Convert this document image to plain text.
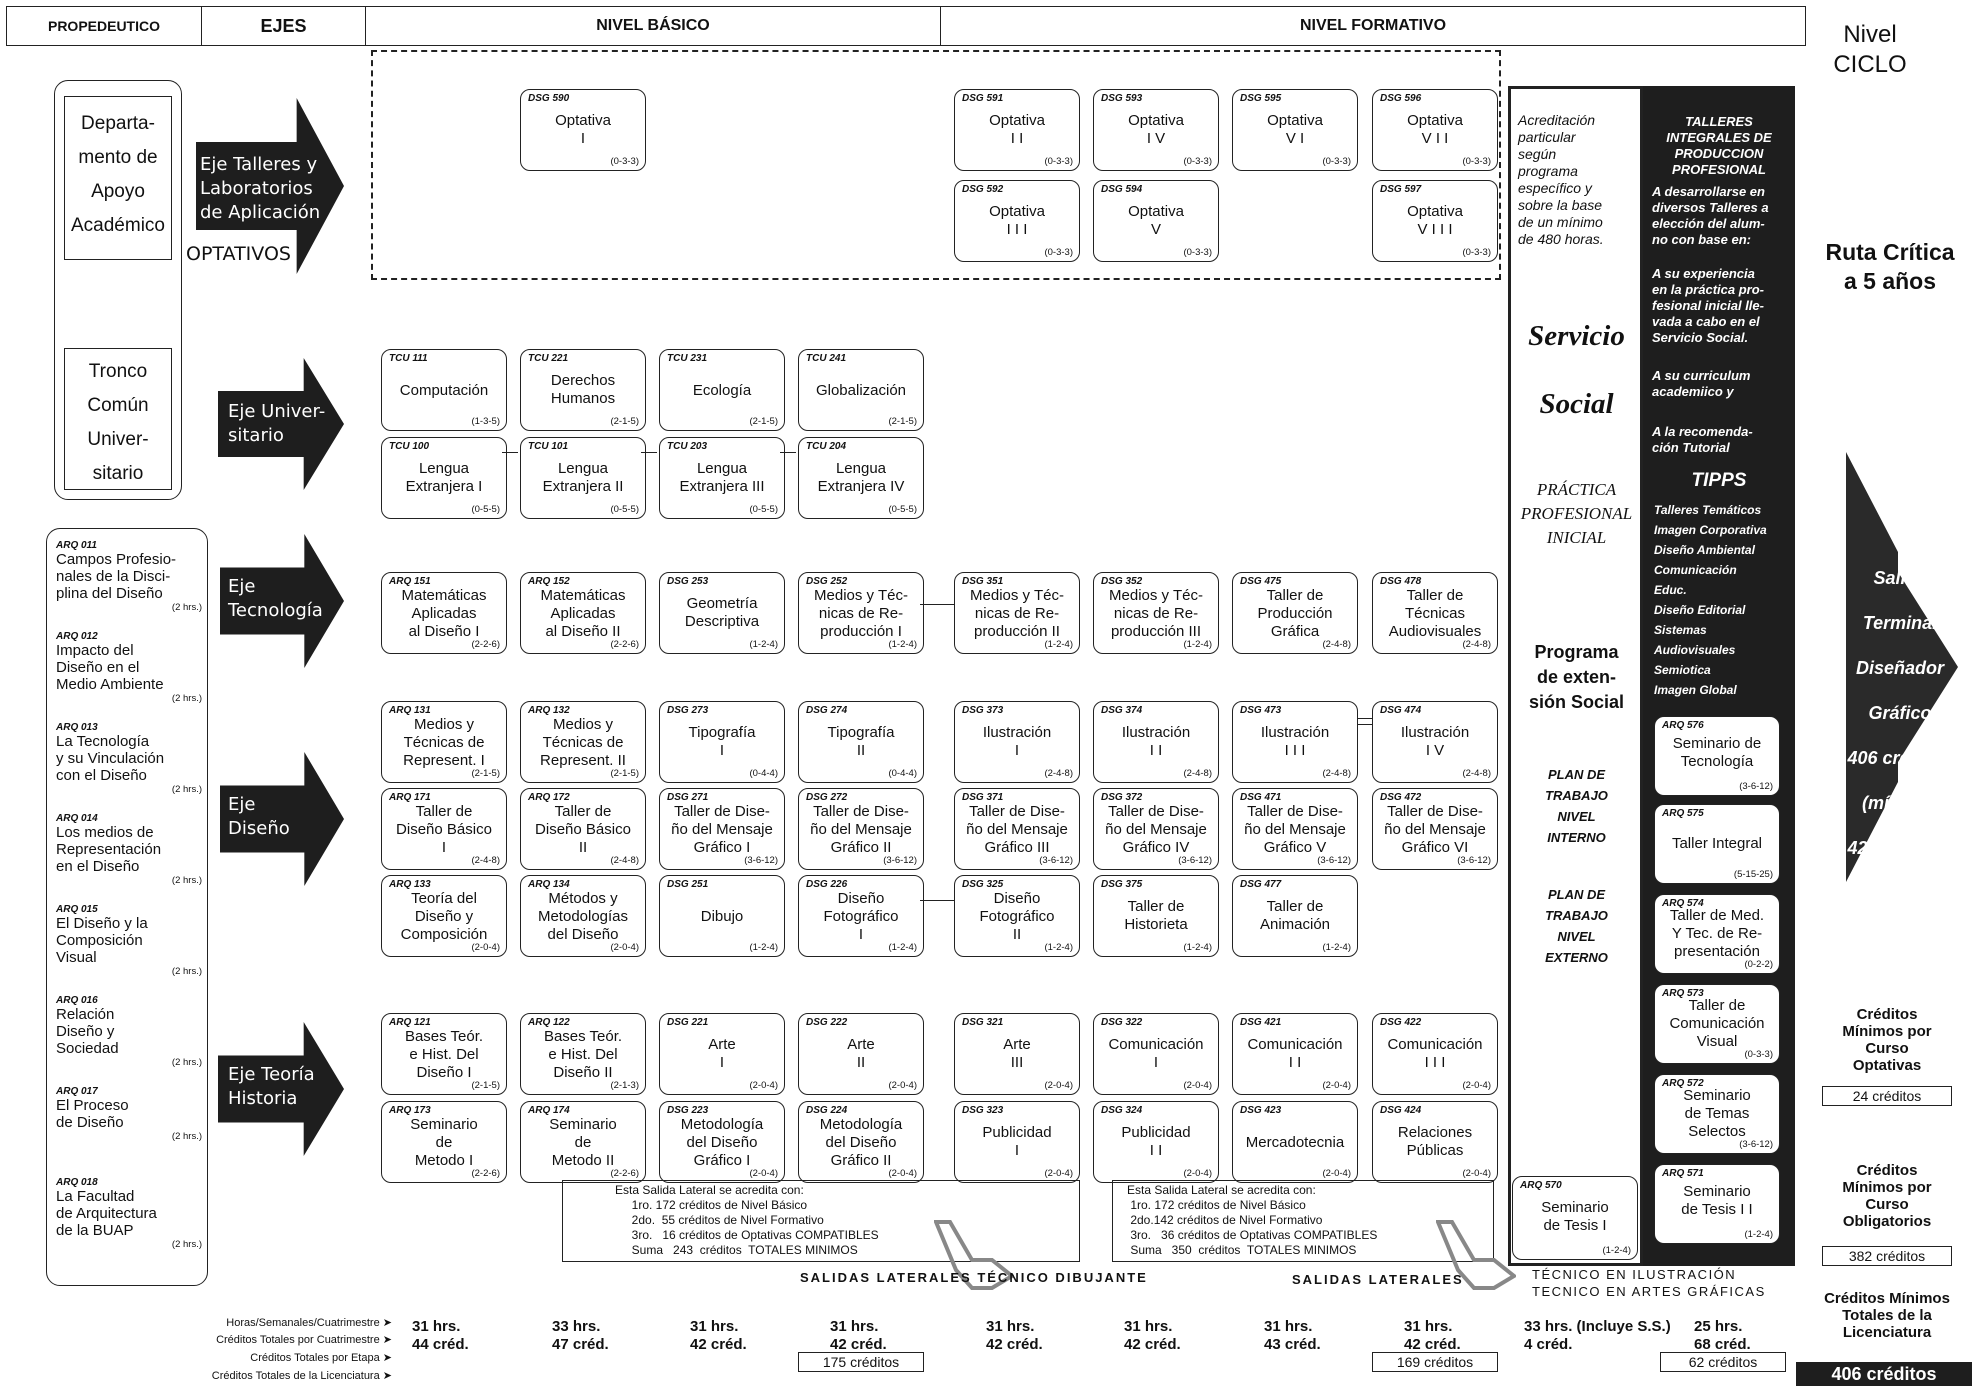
PROPEDEUTICO	EJES	NIVEL BÁSICO	NIVEL FORMATIVO	Nivel
CICLO
Departa-
mento de
Apoyo
Académico
Tronco
Común
Univer-
sitario
ARQ 011
Campos Profesio-
nales de la Disci-
plina del Diseño
(2 hrs.)
ARQ 012
Impacto del
Diseño en el
Medio Ambiente
(2 hrs.)
ARQ 013
La Tecnología
y su Vinculación
con el Diseño
(2 hrs.)
ARQ 014
Los medios de
Representación
en el Diseño
(2 hrs.)
ARQ 015
El Diseño y la
Composición
Visual
(2 hrs.)
ARQ 016
Relación
Diseño y
Sociedad
(2 hrs.)
ARQ 017
El Proceso
de Diseño
(2 hrs.)
ARQ 018
La Facultad
de Arquitectura
de la BUAP
(2 hrs.)
Eje Talleres y
Laboratorios
de Aplicación
OPTATIVOS
Eje Univer-
sitario
Eje
Tecnología
Eje
Diseño
Eje Teoría
Historia
DSG 590
Optativa
I
(0-3-3)
DSG 591
Optativa
I I
(0-3-3)
DSG 593
Optativa
I V
(0-3-3)
DSG 595
Optativa
V I
(0-3-3)
DSG 596
Optativa
V I I
(0-3-3)
DSG 592
Optativa
I I I
(0-3-3)
DSG 594
Optativa
V
(0-3-3)
DSG 597
Optativa
V I I I
(0-3-3)
TCU 111
Computación
(1-3-5)
TCU 221
Derechos
Humanos
(2-1-5)
TCU 231
Ecología
(2-1-5)
TCU 241
Globalización
(2-1-5)
TCU 100
Lengua
Extranjera I
(0-5-5)
TCU 101
Lengua
Extranjera II
(0-5-5)
TCU 203
Lengua
Extranjera III
(0-5-5)
TCU 204
Lengua
Extranjera IV
(0-5-5)
ARQ 151
Matemáticas
Aplicadas
al Diseño I
(2-2-6)
ARQ 152
Matemáticas
Aplicadas
al Diseño II
(2-2-6)
DSG 253
Geometría
Descriptiva
(1-2-4)
DSG 252
Medios y Téc-
nicas de Re-
producción I
(1-2-4)
DSG 351
Medios y Téc-
nicas de Re-
producción II
(1-2-4)
DSG 352
Medios y Téc-
nicas de Re-
producción III
(1-2-4)
DSG 475
Taller de
Producción
Gráfica
(2-4-8)
DSG 478
Taller de
Técnicas
Audiovisuales
(2-4-8)
ARQ 131
Medios y
Técnicas de
Represent. I
(2-1-5)
ARQ 132
Medios y
Técnicas de
Represent. II
(2-1-5)
DSG 273
Tipografía
I
(0-4-4)
DSG 274
Tipografía
II
(0-4-4)
DSG 373
Ilustración
I
(2-4-8)
DSG 374
Ilustración
I I
(2-4-8)
DSG 473
Ilustración
I I I
(2-4-8)
DSG 474
Ilustración
I V
(2-4-8)
ARQ 171
Taller de
Diseño Básico
I
(2-4-8)
ARQ 172
Taller de
Diseño Básico
II
(2-4-8)
DSG 271
Taller de Dise-
ño del Mensaje
Gráfico I
(3-6-12)
DSG 272
Taller de Dise-
ño del Mensaje
Gráfico II
(3-6-12)
DSG 371
Taller de Dise-
ño del Mensaje
Gráfico III
(3-6-12)
DSG 372
Taller de Dise-
ño del Mensaje
Gráfico IV
(3-6-12)
DSG 471
Taller de Dise-
ño del Mensaje
Gráfico V
(3-6-12)
DSG 472
Taller de Dise-
ño del Mensaje
Gráfico VI
(3-6-12)
ARQ 133
Teoría del
Diseño y
Composición
(2-0-4)
ARQ 134
Métodos y
Metodologías
del Diseño
(2-0-4)
DSG 251
Dibujo
(1-2-4)
DSG 226
Diseño
Fotográfico
I
(1-2-4)
DSG 325
Diseño
Fotográfico
II
(1-2-4)
DSG 375
Taller de
Historieta
(1-2-4)
DSG 477
Taller de
Animación
(1-2-4)
ARQ 121
Bases Teór.
e Hist. Del
Diseño I
(2-1-5)
ARQ 122
Bases Teór.
e Hist. Del
Diseño II
(2-1-3)
DSG 221
Arte
I
(2-0-4)
DSG 222
Arte
II
(2-0-4)
DSG 321
Arte
III
(2-0-4)
DSG 322
Comunicación
I
(2-0-4)
DSG 421
Comunicación
I I
(2-0-4)
DSG 422
Comunicación
I I I
(2-0-4)
ARQ 173
Seminario
de
Metodo I
(2-2-6)
ARQ 174
Seminario
de
Metodo II
(2-2-6)
DSG 223
Metodología
del Diseño
Gráfico I
(2-0-4)
DSG 224
Metodología
del Diseño
Gráfico II
(2-0-4)
DSG 323
Publicidad
I
(2-0-4)
DSG 324
Publicidad
I I
(2-0-4)
DSG 423
Mercadotecnia
(2-0-4)
DSG 424
Relaciones
Públicas
(2-0-4)
Acreditación
particular
según
programa
específico y
sobre la base
de un mínimo
de 480 horas.
Servicio
Social
PRÁCTICA
PROFESIONAL
INICIAL
Programa
de exten-
sión Social
PLAN DE
TRABAJO
NIVEL
INTERNO
PLAN DE
TRABAJO
NIVEL
EXTERNO
ARQ 570
Seminario
de Tesis I
(1-2-4)
TALLERES
INTEGRALES DE
PRODUCCION
PROFESIONAL
A desarrollarse en
diversos Talleres a
elección del alum-
no con base en:
A su experiencia
en la práctica pro-
fesional inicial lle-
vada a cabo en el
Servicio Social.
A su curriculum
academiico y
A la recomenda-
ción Tutorial
TIPPS
Talleres Temáticos
Imagen Corporativa
Diseño Ambiental
Comunicación
Educ.
Diseño Editorial
Sistemas
Audiovisuales
Semiotica
Imagen Global
ARQ 576
Seminario de
Tecnología
(3-6-12)
ARQ 575
Taller Integral
(5-15-25)
ARQ 574
Taller de Med.
Y Tec. de Re-
presentación
(0-2-2)
ARQ 573
Taller de
Comunicación
Visual
(0-3-3)
ARQ 572
Seminario
de Temas
Selectos
(3-6-12)
ARQ 571
Seminario
de Tesis I I
(1-2-4)
Ruta Crítica
a 5 años
Salida
Terminal
Diseñador
Gráfico
406 créditos
(mínimo)
427 créditos
(máximo)
Créditos
Mínimos por
Curso
Optativas
24 créditos
Créditos
Mínimos por
Curso
Obligatorios
382 créditos
Créditos Mínimos
Totales de la
Licenciatura
406 créditos
Esta Salida Lateral se acredita con:
1ro. 172 créditos de Nivel Básico
2do.  55 créditos de Nivel Formativo
3ro.   16 créditos de Optativas COMPATIBLES
Suma   243  créditos  TOTALES MINIMOS
Esta Salida Lateral se acredita con:
1ro. 172 créditos de Nivel Básico
2do.142 créditos de Nivel Formativo
3ro.   36 créditos de Optativas COMPATIBLES
Suma   350  créditos  TOTALES MINIMOS
SALIDAS LATERALES TÉCNICO DIBUJANTE	SALIDAS LATERALES	TÉCNICO EN ILUSTRACIÓN
TECNICO EN ARTES GRÁFICAS
Horas/Semanales/Cuatrimestre ➤
Créditos Totales por Cuatrimestre ➤
Créditos Totales por Etapa ➤
Créditos Totales de la Licenciatura ➤
31 hrs.
44 créd.
33 hrs.
47 créd.
31 hrs.
42 créd.
31 hrs.
42 créd.
31 hrs.
42 créd.
31 hrs.
42 créd.
31 hrs.
43 créd.
31 hrs.
42 créd.
33 hrs. (Incluye S.S.)
4 créd.
25 hrs.
68 créd.
175 créditos	169 créditos	62 créditos
